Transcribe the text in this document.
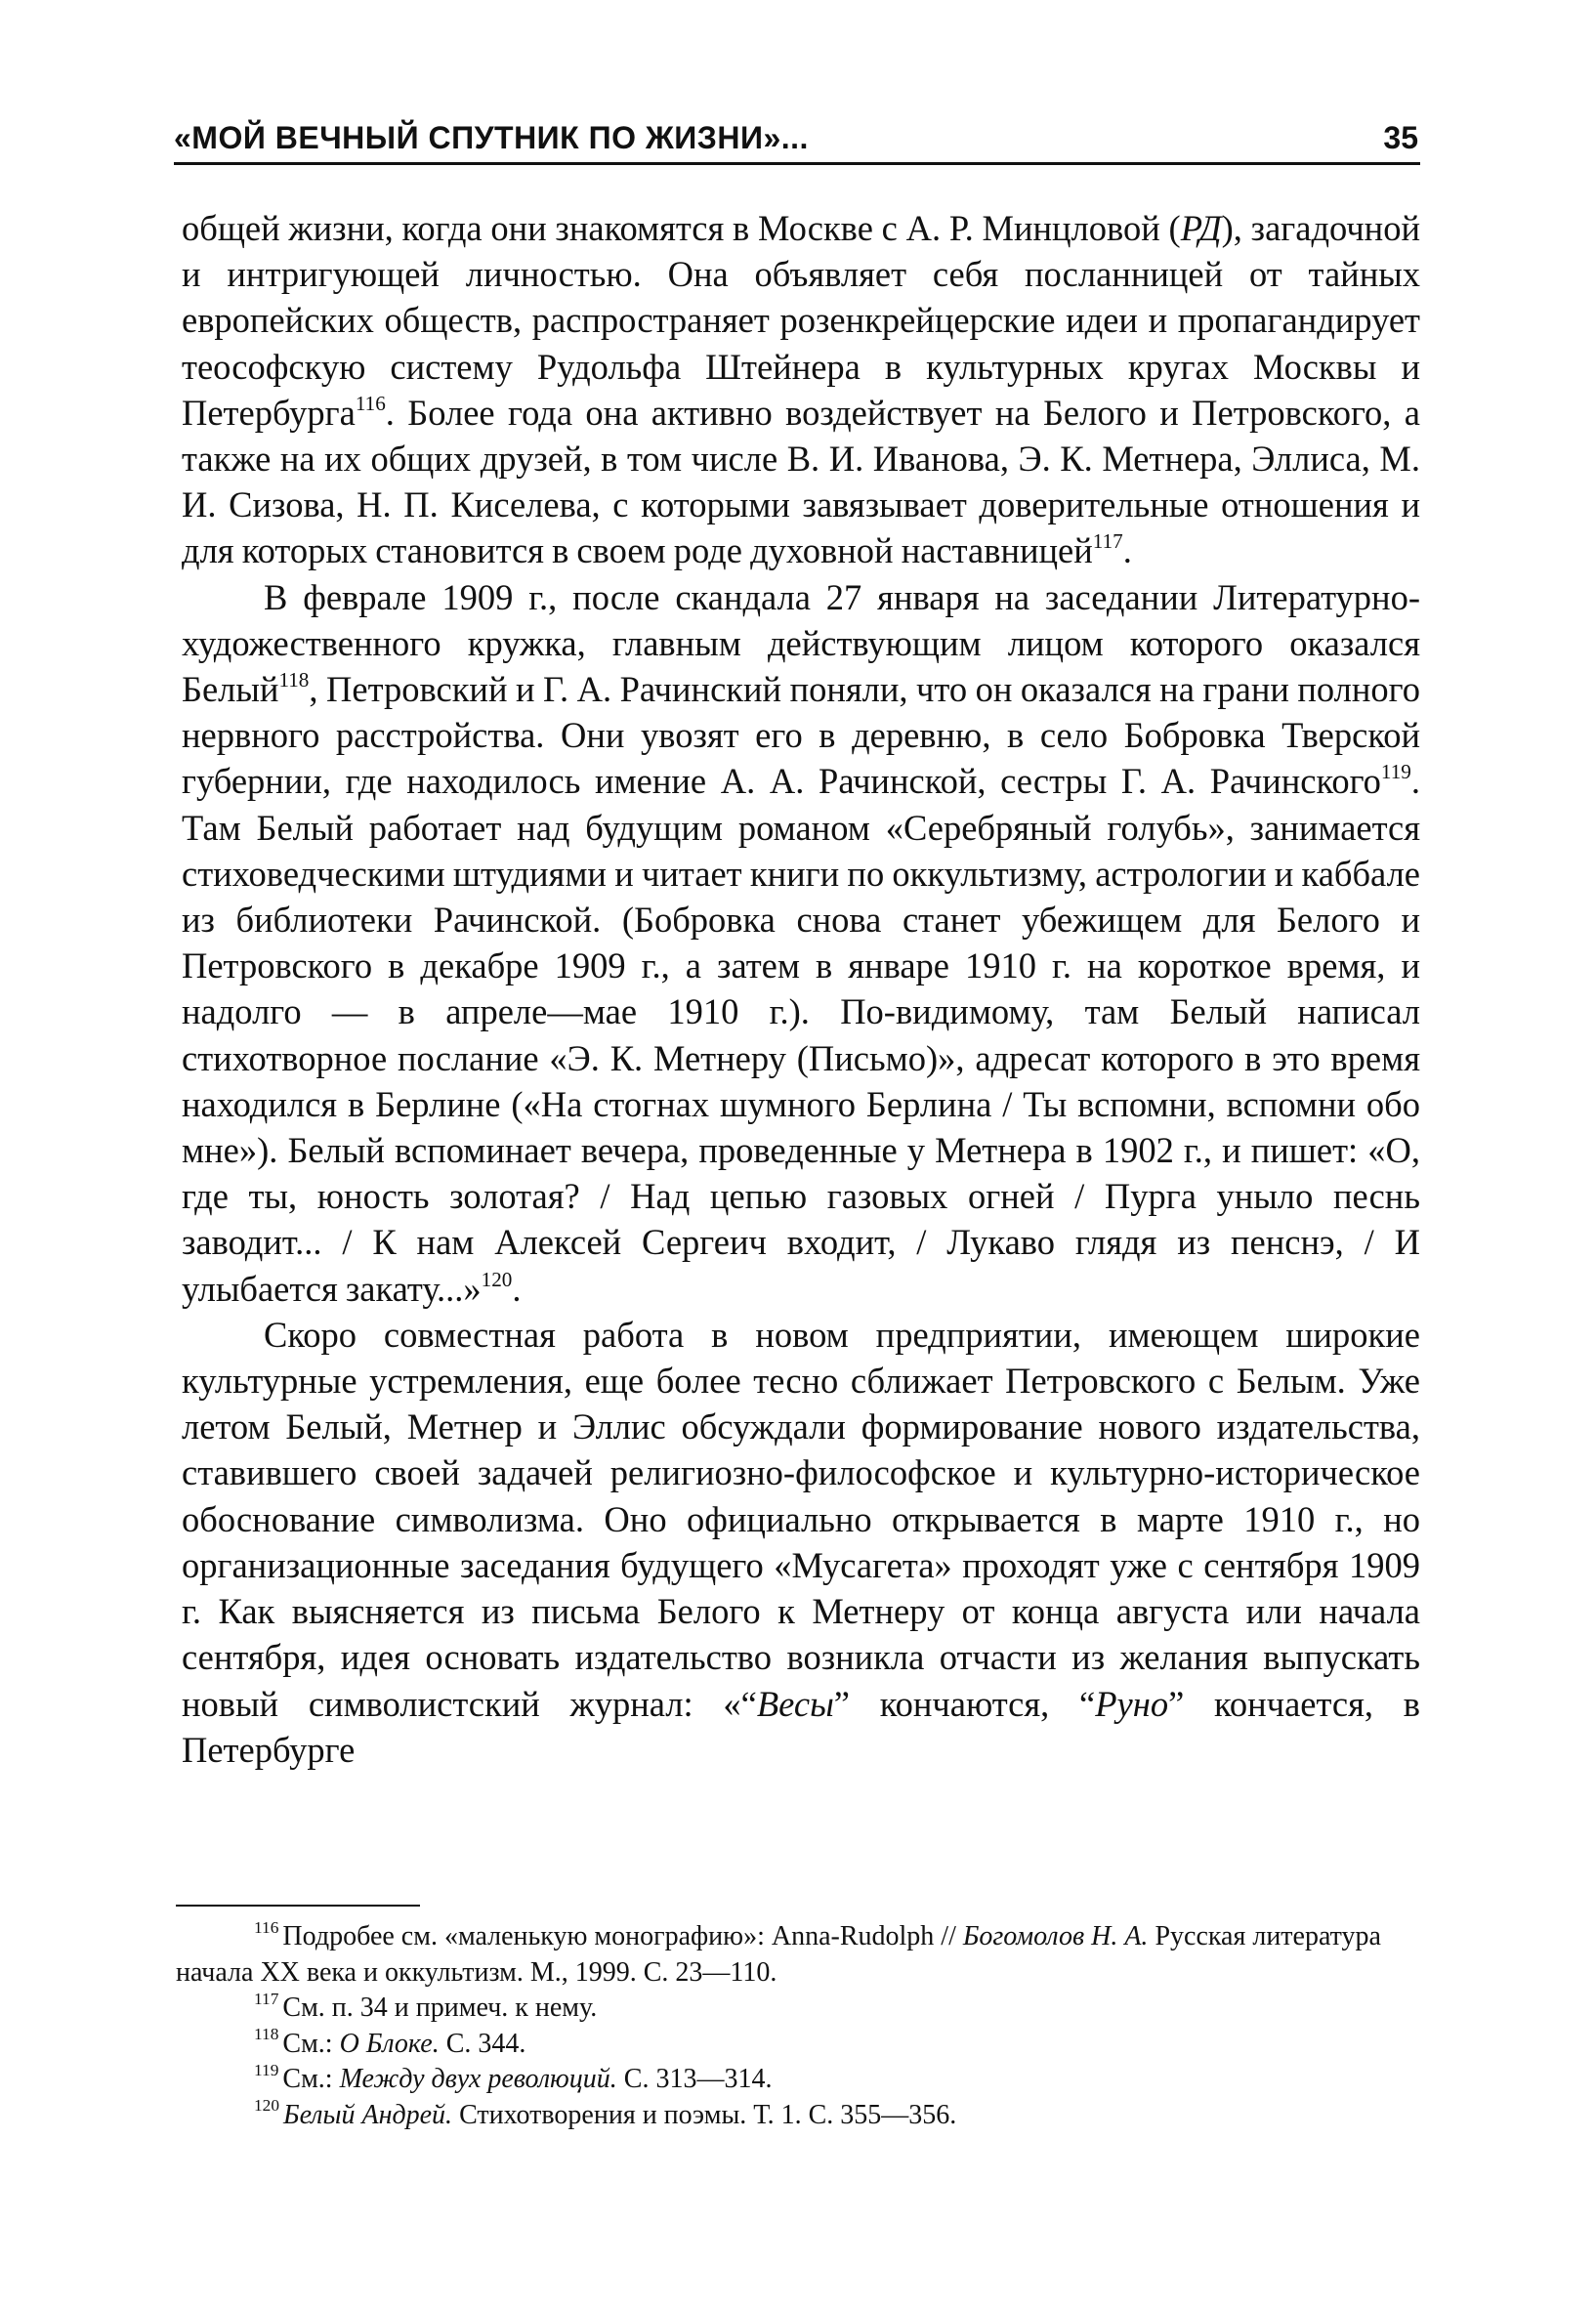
«МОЙ ВЕЧНЫЙ СПУТНИК ПО ЖИЗНИ»...	35

общей жизни, когда они знакомятся в Москве с А. Р. Минцловой (РД), загадочной и интригующей личностью. Она объявляет себя посланницей от тайных европейских обществ, распространяет розенкрейцерские идеи и пропагандирует теософскую систему Рудольфа Штейнера в культурных кругах Москвы и Петербурга$^{116}$. Более года она активно воздействует на Белого и Петровского, а также на их общих друзей, в том числе В. И. Иванова, Э. К. Метнера, Эллиса, М. И. Сизова, Н. П. Киселева, с которыми завязывает доверительные отношения и для которых становится в своем роде духовной наставницей$^{117}$.

В феврале 1909 г., после скандала 27 января на заседании Литературно-художественного кружка, главным действующим лицом которого оказался Белый$^{118}$, Петровский и Г. А. Рачинский поняли, что он оказался на грани полного нервного расстройства. Они увозят его в деревню, в село Бобровка Тверской губернии, где находилось имение А. А. Рачинской, сестры Г. А. Рачинского$^{119}$. Там Белый работает над будущим романом «Серебряный голубь», занимается стиховедческими штудиями и читает книги по оккультизму, астрологии и каббале из библиотеки Рачинской. (Бобровка снова станет убежищем для Белого и Петровского в декабре 1909 г., а затем в январе 1910 г. на короткое время, и надолго — в апреле—мае 1910 г.). По-видимому, там Белый написал стихотворное послание «Э. К. Метнеру (Письмо)», адресат которого в это время находился в Берлине («На стогнах шумного Берлина / Ты вспомни, вспомни обо мне»). Белый вспоминает вечера, проведенные у Метнера в 1902 г., и пишет: «О, где ты, юность золотая? / Над цепью газовых огней / Пурга уныло песнь заводит... / К нам Алексей Сергеич входит, / Лукаво глядя из пенснэ, / И улыбается закату...»$^{120}$.

Скоро совместная работа в новом предприятии, имеющем широкие культурные устремления, еще более тесно сближает Петровского с Белым. Уже летом Белый, Метнер и Эллис обсуждали формирование нового издательства, ставившего своей задачей религиозно-философское и культурно-историческое обоснование символизма. Оно официально открывается в марте 1910 г., но организационные заседания будущего «Мусагета» проходят уже с сентября 1909 г. Как выясняется из письма Белого к Метнеру от конца августа или начала сентября, идея основать издательство возникла отчасти из желания выпускать новый символистский журнал: «“Весы” кончаются, “Руно” кончается, в Петербурге

$^{116}$ Подробее см. «маленькую монографию»: Anna-Rudolph // Богомолов Н. А. Русская литература начала XX века и оккультизм. М., 1999. С. 23—110.

$^{117}$ См. п. 34 и примеч. к нему.

$^{118}$ См.: О Блоке. С. 344.

$^{119}$ См.: Между двух революций. С. 313—314.

$^{120}$ Белый Андрей. Стихотворения и поэмы. Т. 1. С. 355—356.
